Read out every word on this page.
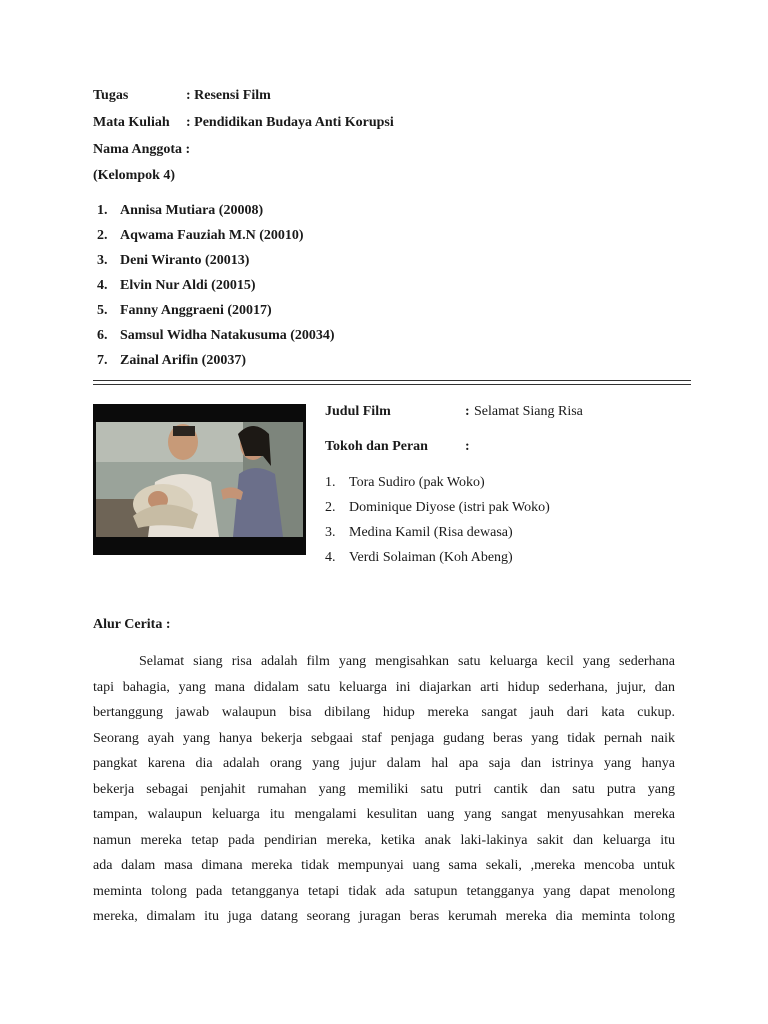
Tugas	: Resensi Film
Mata Kuliah : Pendidikan Budaya Anti Korupsi
Nama Anggota :
(Kelompok 4)
1. Annisa Mutiara (20008)
2. Aqwama Fauziah M.N (20010)
3. Deni Wiranto (20013)
4. Elvin Nur Aldi (20015)
5. Fanny Anggraeni (20017)
6. Samsul Widha Natakusuma (20034)
7. Zainal Arifin (20037)
Judul Film	: Selamat Siang Risa
Tokoh dan Peran	:
1. Tora Sudiro (pak Woko)
2. Dominique Diyose (istri pak Woko)
3. Medina Kamil (Risa dewasa)
4. Verdi Solaiman (Koh Abeng)
Alur Cerita :
Selamat siang risa adalah film yang mengisahkan satu keluarga kecil yang sederhana
tapi bahagia, yang mana didalam satu keluarga ini diajarkan arti hidup sederhana, jujur, dan
bertanggung jawab walaupun bisa dibilang hidup mereka sangat jauh dari kata cukup.
Seorang ayah yang hanya bekerja sebgaai staf penjaga gudang beras yang tidak pernah naik
pangkat karena dia adalah orang yang jujur dalam hal apa saja dan istrinya yang hanya
bekerja sebagai penjahit rumahan yang memiliki satu putri cantik dan satu putra yang
tampan, walaupun keluarga itu mengalami kesulitan uang yang sangat menyusahkan mereka
namun mereka tetap pada pendirian mereka, ketika anak laki-lakinya sakit dan keluarga itu
ada dalam masa dimana mereka tidak mempunyai uang sama sekali, ,mereka mencoba untuk
meminta tolong pada tetangganya tetapi tidak ada satupun tetangganya yang dapat menolong
mereka, dimalam itu juga datang seorang juragan beras kerumah mereka dia meminta tolong
